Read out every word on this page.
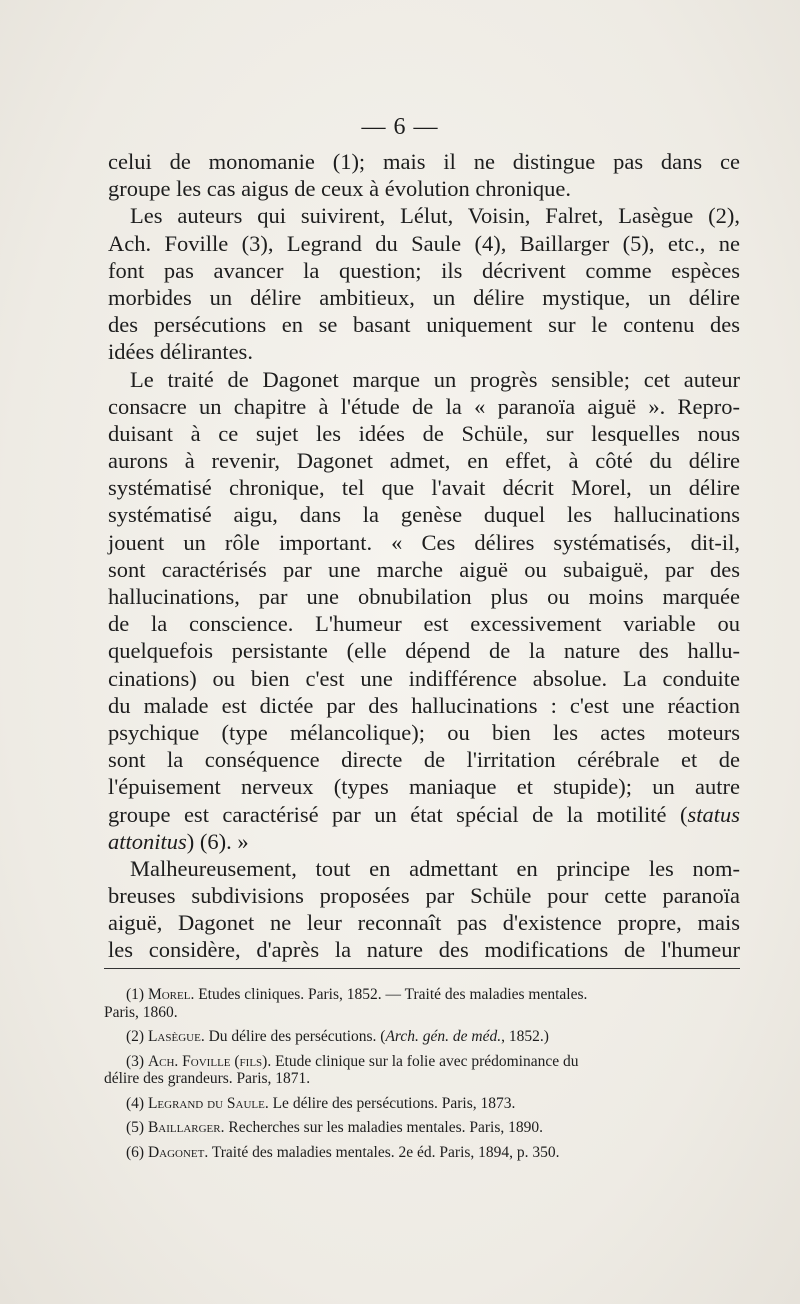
— 6 —
celui de monomanie (1); mais il ne distingue pas dans ce
groupe les cas aigus de ceux à évolution chronique.
Les auteurs qui suivirent, Lélut, Voisin, Falret, Lasègue (2),
Ach. Foville (3), Legrand du Saule (4), Baillarger (5), etc., ne
font pas avancer la question; ils décrivent comme espèces
morbides un délire ambitieux, un délire mystique, un délire
des persécutions en se basant uniquement sur le contenu des
idées délirantes.
Le traité de Dagonet marque un progrès sensible; cet auteur
consacre un chapitre à l'étude de la « paranoïa aiguë ». Repro-
duisant à ce sujet les idées de Schüle, sur lesquelles nous
aurons à revenir, Dagonet admet, en effet, à côté du délire
systématisé chronique, tel que l'avait décrit Morel, un délire
systématisé aigu, dans la genèse duquel les hallucinations
jouent un rôle important. « Ces délires systématisés, dit-il,
sont caractérisés par une marche aiguë ou subaiguë, par des
hallucinations, par une obnubilation plus ou moins marquée
de la conscience. L'humeur est excessivement variable ou
quelquefois persistante (elle dépend de la nature des hallu-
cinations) ou bien c'est une indifférence absolue. La conduite
du malade est dictée par des hallucinations : c'est une réaction
psychique (type mélancolique); ou bien les actes moteurs
sont la conséquence directe de l'irritation cérébrale et de
l'épuisement nerveux (types maniaque et stupide); un autre
groupe est caractérisé par un état spécial de la motilité (status
attonitus) (6). »
Malheureusement, tout en admettant en principe les nom-
breuses subdivisions proposées par Schüle pour cette paranoïa
aiguë, Dagonet ne leur reconnaît pas d'existence propre, mais
les considère, d'après la nature des modifications de l'humeur
(1) Morel. Etudes cliniques. Paris, 1852. — Traité des maladies mentales.
Paris, 1860.
(2) Lasègue. Du délire des persécutions. (Arch. gén. de méd., 1852.)
(3) Ach. Foville (fils). Etude clinique sur la folie avec prédominance du
délire des grandeurs. Paris, 1871.
(4) Legrand du Saule. Le délire des persécutions. Paris, 1873.
(5) Baillarger. Recherches sur les maladies mentales. Paris, 1890.
(6) Dagonet. Traité des maladies mentales. 2e éd. Paris, 1894, p. 350.
